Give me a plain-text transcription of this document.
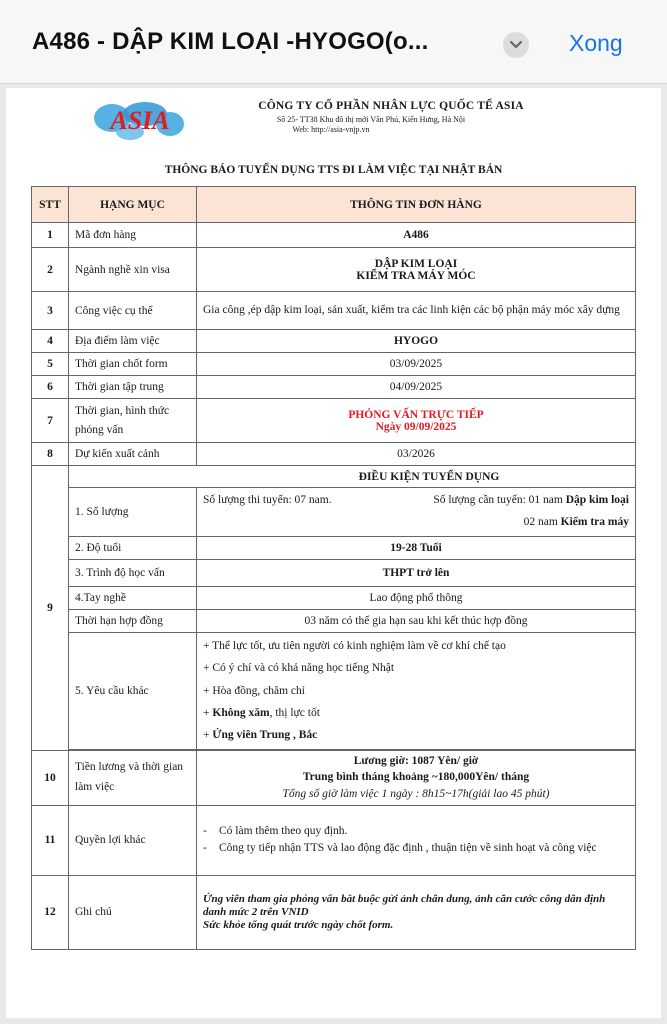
A486 - DẬP KIM LOẠI -HYOGO(o...	Xong
ASIA	CÔNG TY CỔ PHẦN NHÂN LỰC QUỐC TẾ ASIA
Số 25- TT38 Khu đô thị mới Văn Phú, Kiến Hưng, Hà Nội
Web: http://asia-vnjp.vn
THÔNG BÁO TUYỂN DỤNG TTS ĐI LÀM VIỆC TẠI NHẬT BẢN
STT	HẠNG MỤC	THÔNG TIN ĐƠN HÀNG
1	Mã đơn hàng	A486
2	Ngành nghề xin visa	DẬP KIM LOẠI
KIỂM TRA MÁY MÓC

3	Công việc cụ thể	Gia công ,ép dập kim loại, sản xuất, kiểm tra các linh kiện các bộ phận máy móc xây dựng
4	Địa điểm làm việc	HYOGO
5	Thời gian chốt form	03/09/2025
6	Thời gian tập trung	04/09/2025
7	Thời gian, hình thức phỏng vấn	PHỎNG VẤN TRỰC TIẾP
Ngày 09/09/2025

8	Dự kiến xuất cảnh	03/2026
9	ĐIỀU KIỆN TUYỂN DỤNG	
	1. Số lượng	Số lượng thi tuyển: 07 nam. Số lượng cần tuyển: 01 nam Dập kim loại
02 nam Kiểm tra máy

	2. Độ tuổi	19-28 Tuổi
	3. Trình độ học vấn	THPT trở lên
	4.Tay nghề	Lao động phổ thông
	Thời hạn hợp đồng	03 năm có thể gia hạn sau khi kết thúc hợp đồng
	5. Yêu cầu khác	+ Thể lực tốt, ưu tiên người có kinh nghiệm làm về cơ khí chế tạo
+ Có ý chí và có khả năng học tiếng Nhật
+ Hòa đồng, chăm chỉ
+ Không xăm, thị lực tốt
+ Ứng viên Trung , Bắc

10	Tiền lương và thời gian làm việc	Lương giờ: 1087 Yên/ giờ
Trung bình tháng khoảng ~180,000Yên/ tháng
Tổng số giờ làm việc 1 ngày : 8h15~17h(giải lao 45 phút)

11	Quyền lợi khác	- Có làm thêm theo quy định.
- Công ty tiếp nhận TTS và lao động đặc định , thuận tiện về sinh hoạt và công việc

12	Ghi chú	Ứng viên tham gia phỏng vấn bắt buộc gửi ảnh chân dung, ảnh căn cước công dân định danh mức 2 trên VNID
Sức khỏe tổng quát trước ngày chốt form.
